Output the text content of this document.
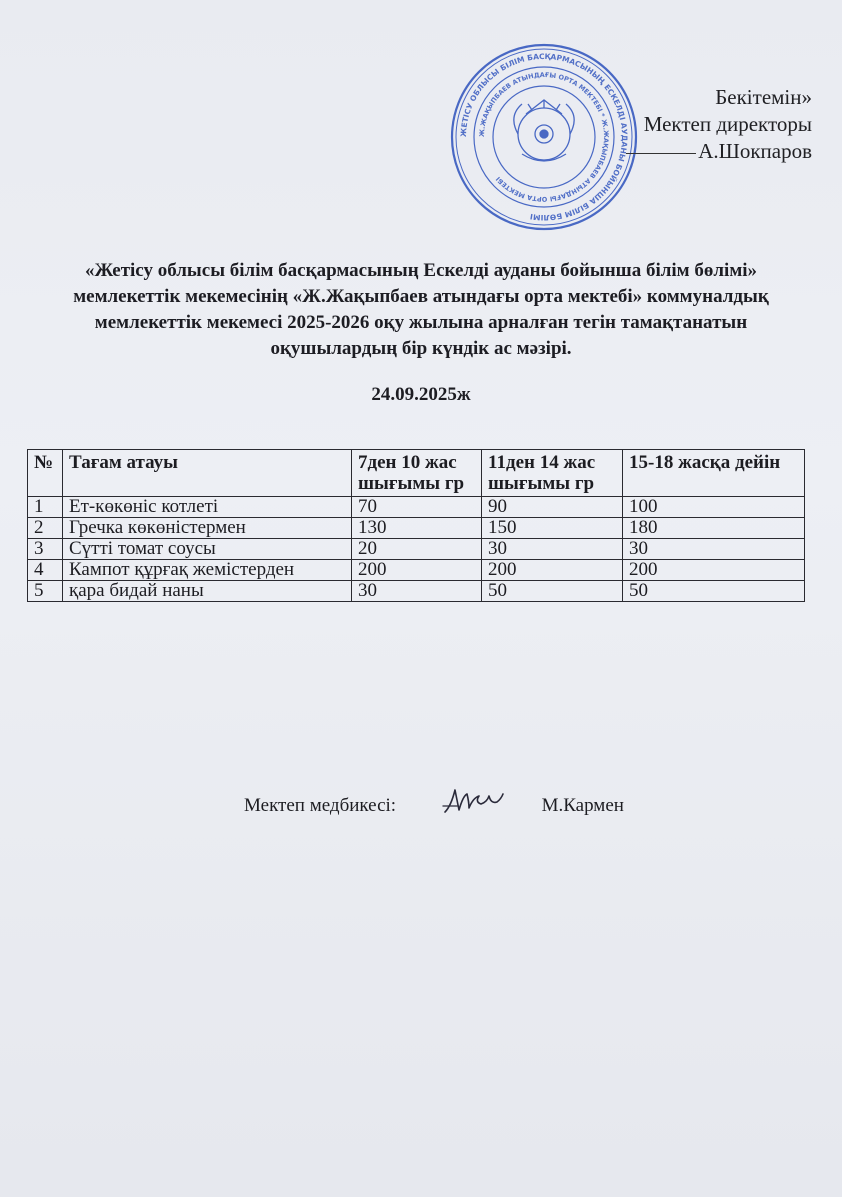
ЖЕТІСУ ОБЛЫСЫ БІЛІМ БАСҚАРМАСЫНЫҢ ЕСКЕЛДІ АУДАНЫ БОЙЫНША БІЛІМ БӨЛІМІ
Ж.ЖАҚЫПБАЕВ АТЫНДАҒЫ ОРТА МЕКТЕБІ * Ж.ЖАҚЫПБАЕВ АТЫНДАҒЫ ОРТА МЕКТЕБІ
Бекітемін»
Мектеп директоры
А.Шокпаров
«Жетісу облысы білім басқармасының Ескелді ауданы бойынша білім бөлімі»
мемлекеттік мекемесінің «Ж.Жақыпбаев атындағы орта мектебі» коммуналдық
мемлекеттік мекемесі 2025-2026 оқу жылына арналған тегін тамақтанатын
оқушылардың бір күндік ас мәзірі.
24.09.2025ж
№	Тағам атауы	7ден 10 жас шығымы гр	11ден 14 жас шығымы гр	15-18 жасқа дейін
1	Ет-көкөніс котлеті	70	90	100
2	Гречка көкөністермен	130	150	180
3	Сүтті томат соусы	20	30	30
4	Кампот құрғақ жемістерден	200	200	200
5	қара бидай наны	30	50	50
Мектеп медбикесі:	М.Кармен
